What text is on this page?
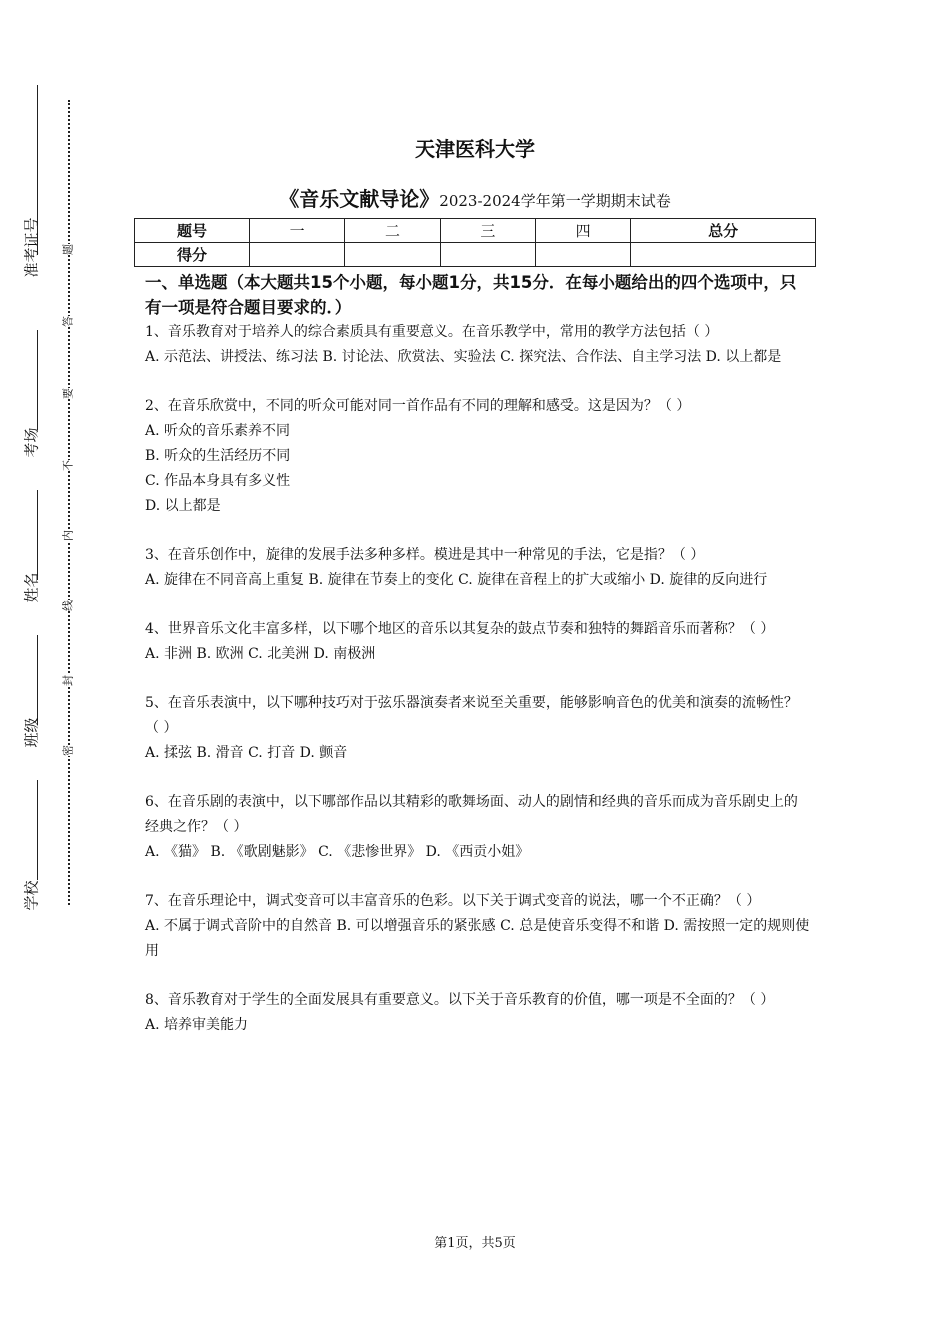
准考证号
考场
姓名
班级
学校
密
封
线
内
不
要
答
题
天津医科大学
《音乐文献导论》2023-2024学年第一学期期末试卷
题号	一	二	三	四	总分
得分					

一、单选题（本大题共15个小题，每小题1分，共15分．在每小题给出的四个选项中，只有一项是符合题目要求的．）

1、音乐教育对于培养人的综合素质具有重要意义。在音乐教学中，常用的教学方法包括（ ）

A. 示范法、讲授法、练习法 B. 讨论法、欣赏法、实验法 C. 探究法、合作法、自主学习法 D. 以上都是

2、在音乐欣赏中，不同的听众可能对同一首作品有不同的理解和感受。这是因为？（ ）

A. 听众的音乐素养不同

B. 听众的生活经历不同

C. 作品本身具有多义性

D. 以上都是

3、在音乐创作中，旋律的发展手法多种多样。模进是其中一种常见的手法，它是指？（ ）

A. 旋律在不同音高上重复 B. 旋律在节奏上的变化 C. 旋律在音程上的扩大或缩小 D. 旋律的反向进行

4、世界音乐文化丰富多样，以下哪个地区的音乐以其复杂的鼓点节奏和独特的舞蹈音乐而著称？（ ）

A. 非洲 B. 欧洲 C. 北美洲 D. 南极洲

5、在音乐表演中，以下哪种技巧对于弦乐器演奏者来说至关重要，能够影响音色的优美和演奏的流畅性？（ ）

A. 揉弦 B. 滑音 C. 打音 D. 颤音

6、在音乐剧的表演中，以下哪部作品以其精彩的歌舞场面、动人的剧情和经典的音乐而成为音乐剧史上的经典之作？（ ）

A. 《猫》 B. 《歌剧魅影》 C. 《悲惨世界》 D. 《西贡小姐》

7、在音乐理论中，调式变音可以丰富音乐的色彩。以下关于调式变音的说法，哪一个不正确？（ ）

A. 不属于调式音阶中的自然音 B. 可以增强音乐的紧张感 C. 总是使音乐变得不和谐 D. 需按照一定的规则使用

8、音乐教育对于学生的全面发展具有重要意义。以下关于音乐教育的价值，哪一项是不全面的？（ ）

A. 培养审美能力

第1页，共5页
